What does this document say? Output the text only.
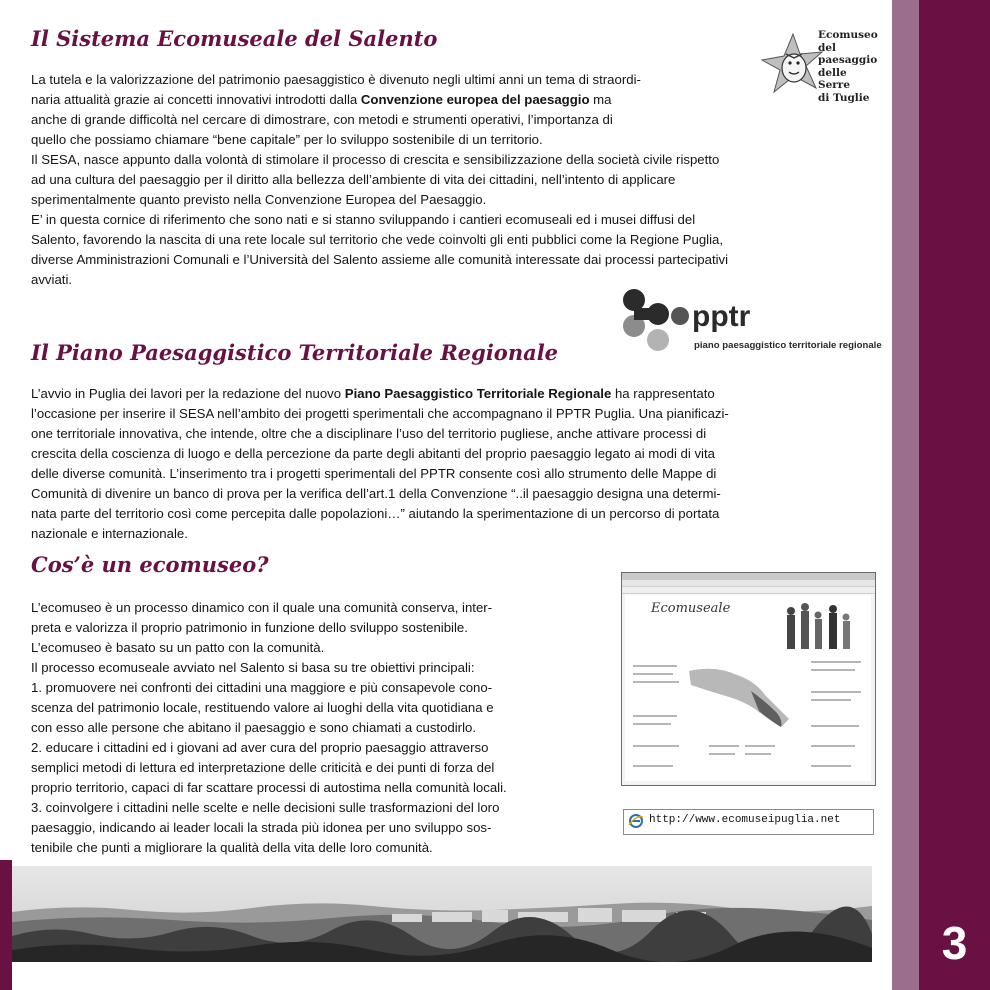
3
Il Sistema Ecomuseale del Salento	Ecomuseo
del paesaggio
delle Serre
di Tuglie
La tutela e la valorizzazione del patrimonio paesaggistico è divenuto negli ultimi anni un tema di straordi-
naria attualità grazie ai concetti innovativi introdotti dalla Convenzione europea del paesaggio ma
anche di grande difficoltà nel cercare di dimostrare, con metodi e strumenti operativi, l’importanza di
quello che possiamo chiamare “bene capitale” per lo sviluppo sostenibile di un territorio.
Il SESA, nasce appunto dalla volontà di stimolare il processo di crescita e sensibilizzazione della società civile rispetto
ad una cultura del paesaggio per il diritto alla bellezza dell’ambiente di vita dei cittadini, nell’intento di applicare
sperimentalmente quanto previsto nella Convenzione Europea del Paesaggio.
E’ in questa cornice di riferimento che sono nati e si stanno sviluppando i cantieri ecomuseali ed i musei diffusi del
Salento, favorendo la nascita di una rete locale sul territorio che vede coinvolti gli enti pubblici come la Regione Puglia,
diverse Amministrazioni Comunali e l’Università del Salento assieme alle comunità interessate dai processi partecipativi
avviati.
pptr
piano paesaggistico territoriale regionale
Il Piano Paesaggistico Territoriale Regionale
L’avvio in Puglia dei lavori per la redazione del nuovo Piano Paesaggistico Territoriale Regionale ha rappresentato
l’occasione per inserire il SESA nell’ambito dei progetti sperimentali che accompagnano il PPTR Puglia. Una pianificazi-
one territoriale innovativa, che intende, oltre che a disciplinare l’uso del territorio pugliese, anche attivare processi di
crescita della coscienza di luogo e della percezione da parte degli abitanti del proprio paesaggio legato ai modi di vita
delle diverse comunità. L’inserimento tra i progetti sperimentali del PPTR consente così allo strumento delle Mappe di
Comunità di divenire un banco di prova per la verifica dell’art.1 della Convenzione “..il paesaggio designa una determi-
nata parte del territorio così come percepita dalle popolazioni…” aiutando la sperimentazione di un percorso di portata
nazionale e internazionale.
Cos’è un ecomuseo?
L’ecomuseo è un processo dinamico con il quale una comunità conserva, inter-
preta e valorizza il proprio patrimonio in funzione dello sviluppo sostenibile.
L’ecomuseo è basato su un patto con la comunità.
Il processo ecomuseale avviato nel Salento si basa su tre obiettivi principali:
1. promuovere nei confronti dei cittadini una maggiore e più consapevole cono-
scenza del patrimonio locale, restituendo valore ai luoghi della vita quotidiana e
con esso alle persone che abitano il paesaggio e sono chiamati a custodirlo.
2. educare i cittadini ed i giovani ad aver cura del proprio paesaggio attraverso
semplici metodi di lettura ed interpretazione delle criticità e dei punti di forza del
proprio territorio, capaci di far scattare processi di autostima nella comunità locali.
3. coinvolgere i cittadini nelle scelte e nelle decisioni sulle trasformazioni del loro
paesaggio, indicando ai leader locali la strada più idonea per uno sviluppo sos-
tenibile che punti a migliorare la qualità della vita delle loro comunità.
Ecomuseale
http://www.ecomuseipuglia.net
